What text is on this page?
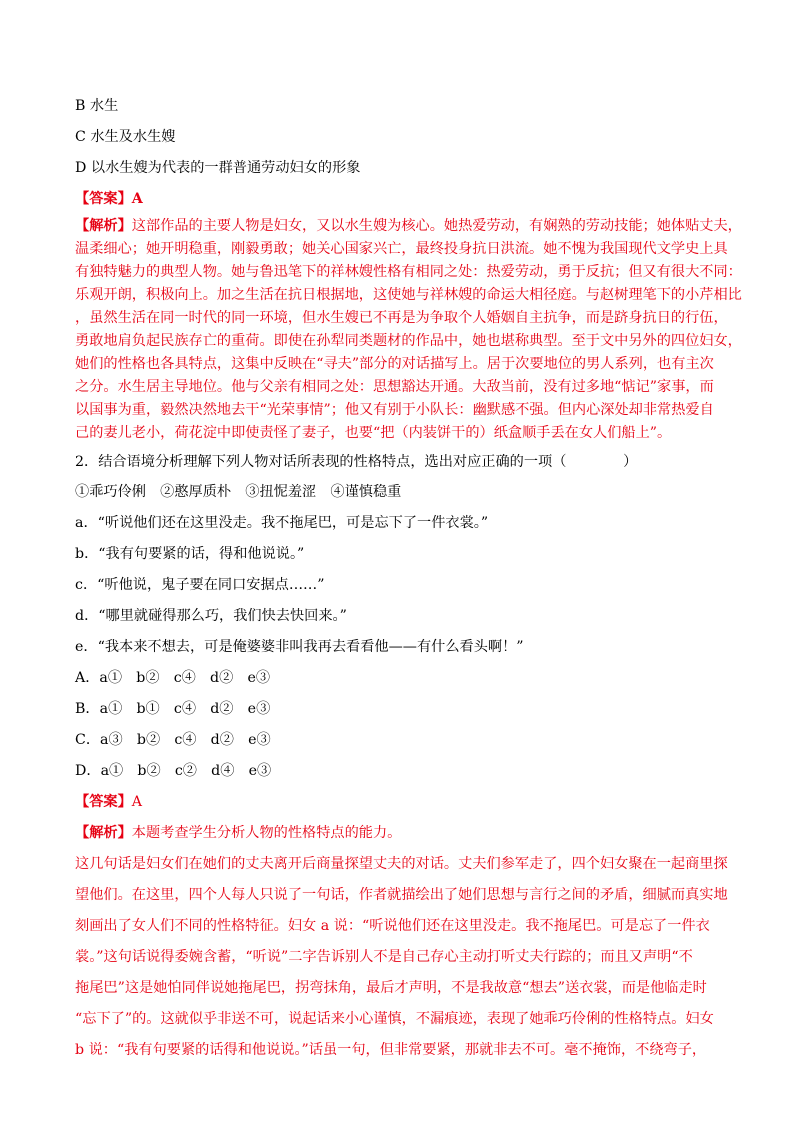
B 水生
C 水生及水生嫂
D 以水生嫂为代表的一群普通劳动妇女的形象
【答案】A
【解析】这部作品的主要人物是妇女，又以水生嫂为核心。她热爱劳动，有娴熟的劳动技能；她体贴丈夫，
温柔细心；她开明稳重，刚毅勇敢；她关心国家兴亡，最终投身抗日洪流。她不愧为我国现代文学史上具
有独特魅力的典型人物。她与鲁迅笔下的祥林嫂性格有相同之处：热爱劳动，勇于反抗；但又有很大不同：
乐观开朗，积极向上。加之生活在抗日根据地，这使她与祥林嫂的命运大相径庭。与赵树理笔下的小芹相比
，虽然生活在同一时代的同一环境，但水生嫂已不再是为争取个人婚姻自主抗争，而是跻身抗日的行伍，
勇敢地肩负起民族存亡的重荷。即使在孙犁同类题材的作品中，她也堪称典型。至于文中另外的四位妇女，
她们的性格也各具特点，这集中反映在“寻夫”部分的对话描写上。居于次要地位的男人系列，也有主次
之分。水生居主导地位。他与父亲有相同之处：思想豁达开通。大敌当前，没有过多地“惦记”家事，而
以国事为重，毅然决然地去干“光荣事情”；他又有别于小队长：幽默感不强。但内心深处却非常热爱自
己的妻儿老小，荷花淀中即使责怪了妻子，也要“把（内装饼干的）纸盒顺手丢在女人们船上”。
2．结合语境分析理解下列人物对话所表现的性格特点，选出对应正确的一项（　　　　）
①乖巧伶俐　②憨厚质朴　③扭怩羞涩　④谨慎稳重
a．“听说他们还在这里没走。我不拖尾巴，可是忘下了一件衣裳。”
b．“我有句要紧的话，得和他说说。”
c．“听他说，鬼子要在同口安据点……”
d．“哪里就碰得那么巧，我们快去快回来。”
e．“我本来不想去，可是俺婆婆非叫我再去看看他——有什么看头啊！”
A．a①　b②　c④　d②　e③
B．a①　b①　c④　d②　e③
C．a③　b②　c④　d②　e③
D．a①　b②　c②　d④　e③
【答案】A
【解析】本题考查学生分析人物的性格特点的能力。
这几句话是妇女们在她们的丈夫离开后商量探望丈夫的对话。丈夫们参军走了，四个妇女聚在一起商里探
望他们。在这里，四个人每人只说了一句话，作者就描绘出了她们思想与言行之间的矛盾，细腻而真实地
刻画出了女人们不同的性格特征。妇女 a 说：“听说他们还在这里没走。我不拖尾巴。可是忘了一件衣
裳。”这句话说得委婉含蓄，“听说”二字告诉别人不是自己存心主动打听丈夫行踪的；而且又声明“不
拖尾巴”这是她怕同伴说她拖尾巴，拐弯抹角，最后才声明，不是我故意“想去”送衣裳，而是他临走时
“忘下了”的。这就似乎非送不可，说起话来小心谨慎，不漏痕迹，表现了她乖巧伶俐的性格特点。妇女
b 说：“我有句要紧的话得和他说说。”话虽一句，但非常要紧，那就非去不可。毫不掩饰，不绕弯子，
